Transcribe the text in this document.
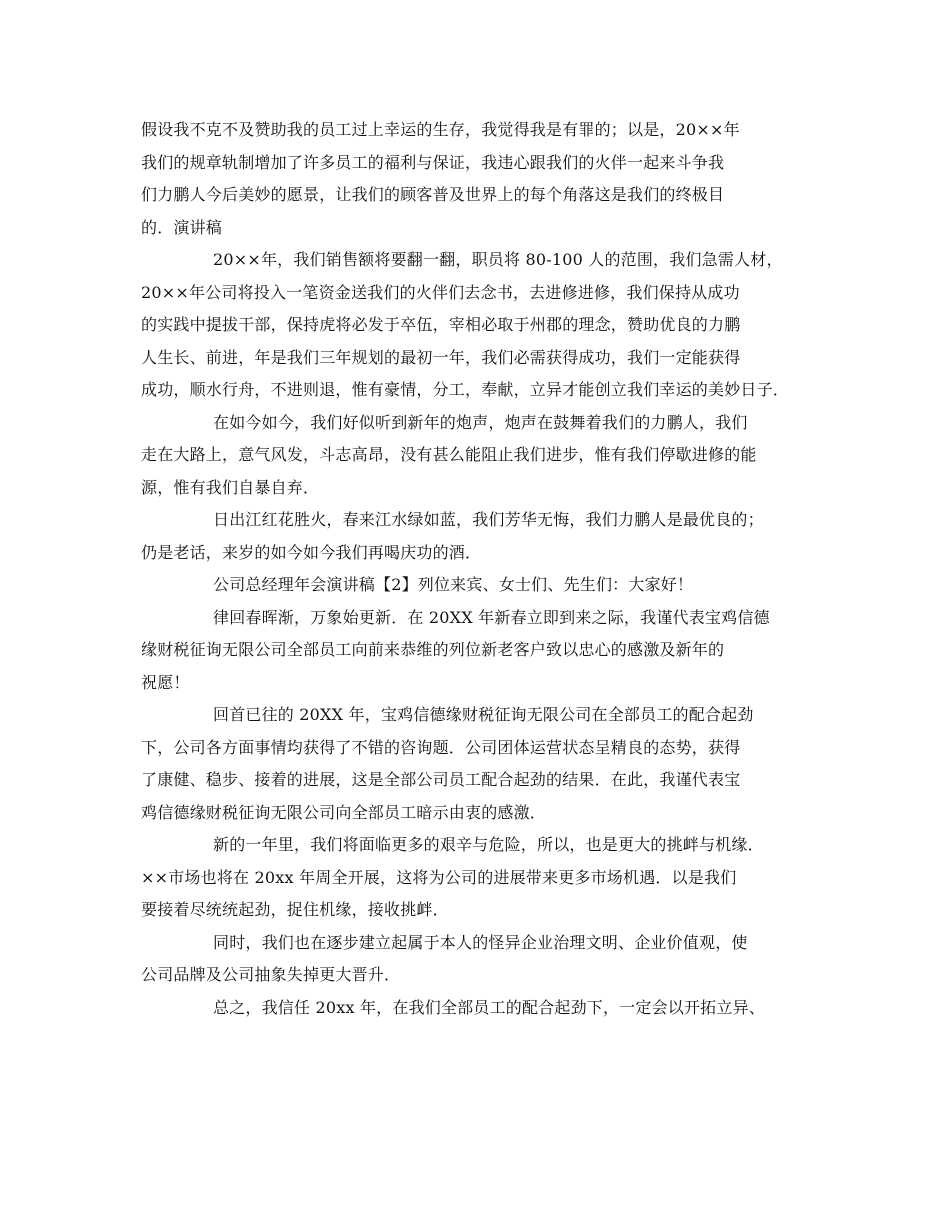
假设我不克不及赞助我的员工过上幸运的生存，我觉得我是有罪的；以是，20××年
我们的规章轨制增加了许多员工的福利与保证，我违心跟我们的火伴一起来斗争我
们力鹏人今后美妙的愿景，让我们的顾客普及世界上的每个角落这是我们的终极目
的．演讲稿
20××年，我们销售额将要翻一翻，职员将 80-100 人的范围，我们急需人材，
20××年公司将投入一笔资金送我们的火伴们去念书，去进修进修，我们保持从成功
的实践中提拔干部，保持虎将必发于卒伍，宰相必取于州郡的理念，赞助优良的力鹏
人生长、前进，年是我们三年规划的最初一年，我们必需获得成功，我们一定能获得
成功，顺水行舟，不进则退，惟有豪情，分工，奉献，立异才能创立我们幸运的美妙日子．
在如今如今，我们好似听到新年的炮声，炮声在鼓舞着我们的力鹏人，我们
走在大路上，意气风发，斗志高昂，没有甚么能阻止我们进步，惟有我们停歇进修的能
源，惟有我们自暴自弃．
日出江红花胜火，春来江水绿如蓝，我们芳华无悔，我们力鹏人是最优良的；
仍是老话，来岁的如今如今我们再喝庆功的酒．
公司总经理年会演讲稿【2】列位来宾、女士们、先生们：大家好！
律回春晖渐，万象始更新．在 20XX 年新春立即到来之际，我谨代表宝鸡信德
缘财税征询无限公司全部员工向前来恭维的列位新老客户致以忠心的感激及新年的
祝愿！
回首已往的 20XX 年，宝鸡信德缘财税征询无限公司在全部员工的配合起劲
下，公司各方面事情均获得了不错的咨询题．公司团体运营状态呈精良的态势，获得
了康健、稳步、接着的进展，这是全部公司员工配合起劲的结果．在此，我谨代表宝
鸡信德缘财税征询无限公司向全部员工暗示由衷的感激．
新的一年里，我们将面临更多的艰辛与危险，所以，也是更大的挑衅与机缘．
××市场也将在 20xx 年周全开展，这将为公司的进展带来更多市场机遇．以是我们
要接着尽统统起劲，捉住机缘，接收挑衅．
同时，我们也在逐步建立起属于本人的怪异企业治理文明、企业价值观，使
公司品牌及公司抽象失掉更大晋升．
总之，我信任 20xx 年，在我们全部员工的配合起劲下，一定会以开拓立异、
